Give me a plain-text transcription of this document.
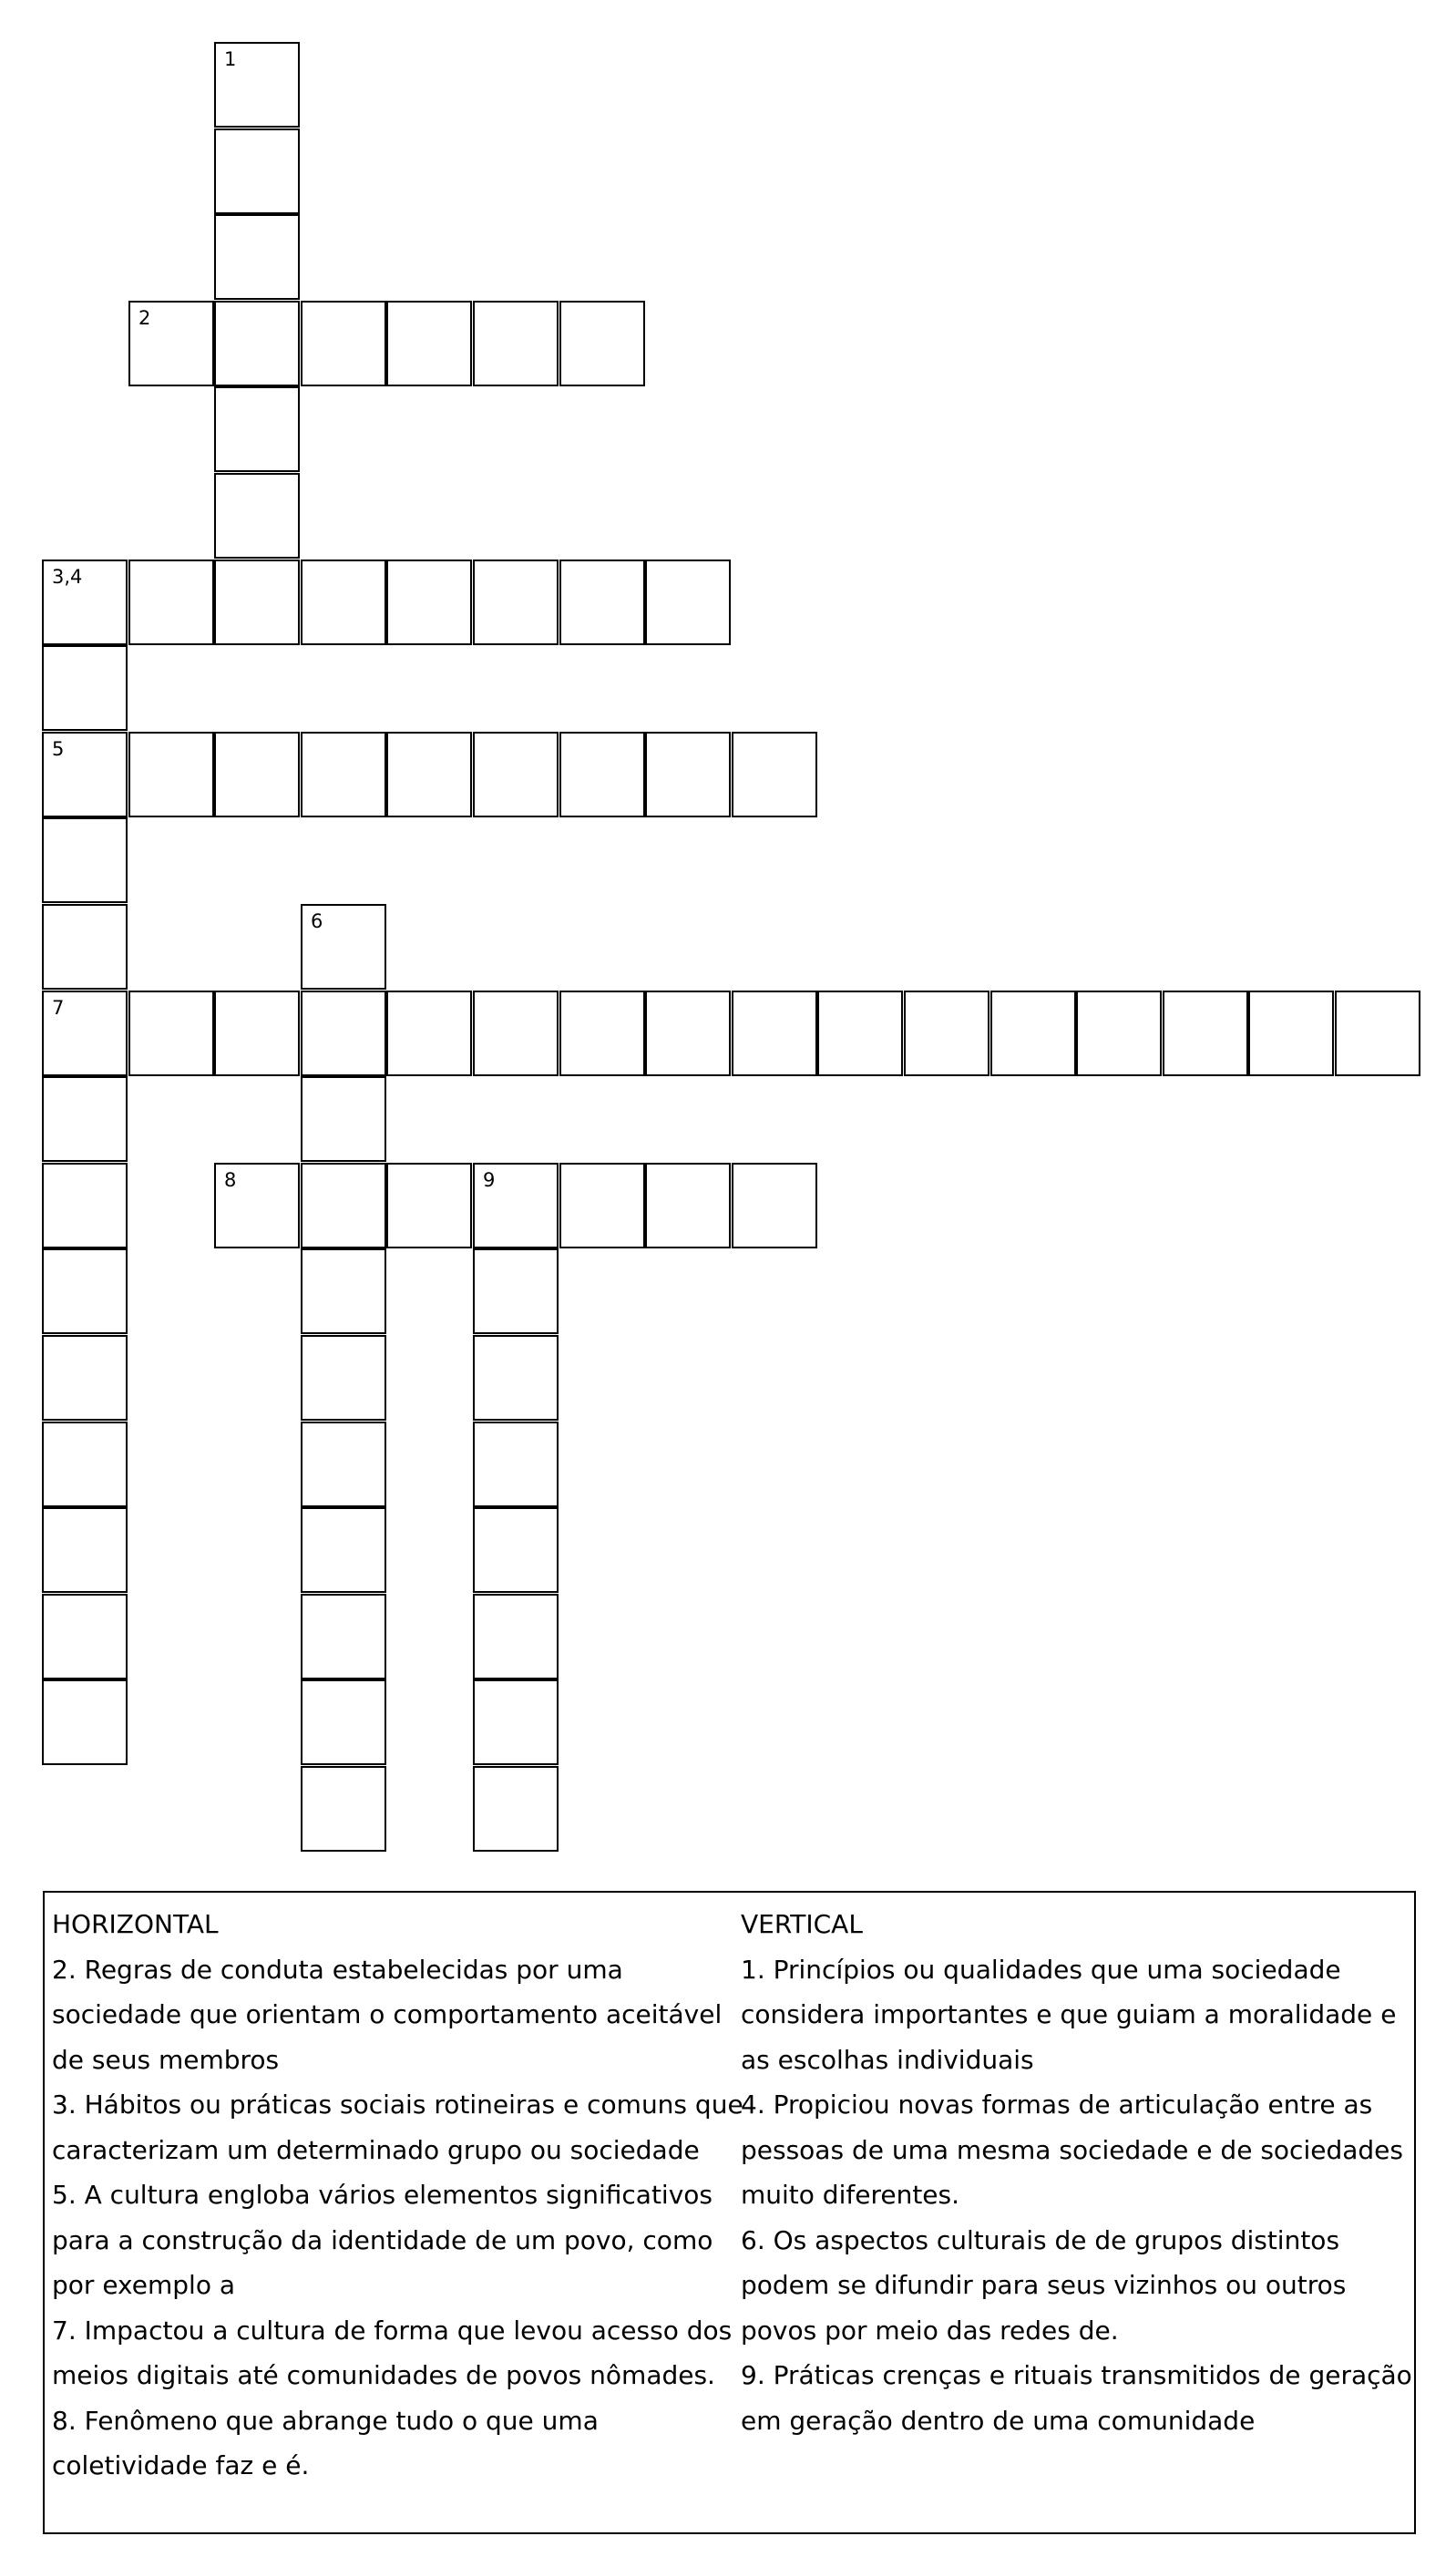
1
2
3,4
5
7
6
8	9

HORIZONTAL

2. Regras de conduta estabelecidas por uma sociedade que orientam o comportamento aceitável de seus membros

3. Hábitos ou práticas sociais rotineiras e comuns que caracterizam um determinado grupo ou sociedade

5. A cultura engloba vários elementos significativos para a construção da identidade de um povo, como por exemplo a

7. Impactou a cultura de forma que levou acesso dos meios digitais até comunidades de povos nômades.

8. Fenômeno que abrange tudo o que uma coletividade faz e é.

VERTICAL

1. Princípios ou qualidades que uma sociedade considera importantes e que guiam a moralidade e as escolhas individuais

4. Propiciou novas formas de articulação entre as pessoas de uma mesma sociedade e de sociedades muito diferentes.

6. Os aspectos culturais de de grupos distintos podem se difundir para seus vizinhos ou outros povos por meio das redes de.

9. Práticas crenças e rituais transmitidos de geração em geração dentro de uma comunidade
